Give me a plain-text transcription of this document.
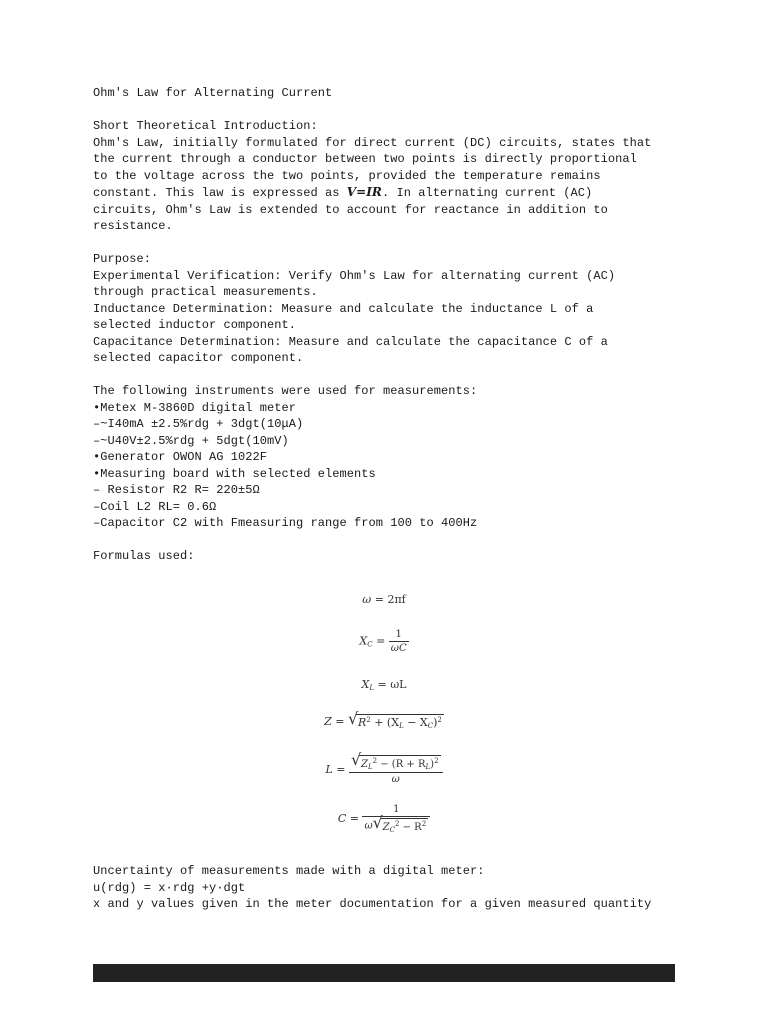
Ohm's Law for Alternating Current
Short Theoretical Introduction:
Ohm's Law, initially formulated for direct current (DC) circuits, states that
the current through a conductor between two points is directly proportional
to the voltage across the two points, provided the temperature remains
constant. This law is expressed as V=IR. In alternating current (AC)
circuits, Ohm's Law is extended to account for reactance in addition to
resistance.
Purpose:
Experimental Verification: Verify Ohm's Law for alternating current (AC)
through practical measurements.
Inductance Determination: Measure and calculate the inductance L of a
selected inductor component.
Capacitance Determination: Measure and calculate the capacitance C of a
selected capacitor component.
The following instruments were used for measurements:
•Metex M-3860D digital meter
–~I40mA ±2.5%rdg + 3dgt(10μA)
–~U40V±2.5%rdg + 5dgt(10mV)
•Generator OWON AG 1022F
•Measuring board with selected elements
– Resistor R2 R= 220±5Ω
–Coil L2 RL= 0.6Ω
–Capacitor C2 with Fmeasuring range from 100 to 400Hz
Formulas used:
ω = 2πf
$X_C = \frac{1}{\omega C}$
$X_L = \omega L$
Z = √ $R^2 + (X_L - X_C)^2$
$L = \frac{√ Z_L^2 - (R + R_L)^2}{\omega}$
$C = \frac{1}{\omega √ Z_C^2 - R^2}$
Uncertainty of measurements made with a digital meter:
u(rdg) = x·rdg +y·dgt
x and y values given in the meter documentation for a given measured quantity
